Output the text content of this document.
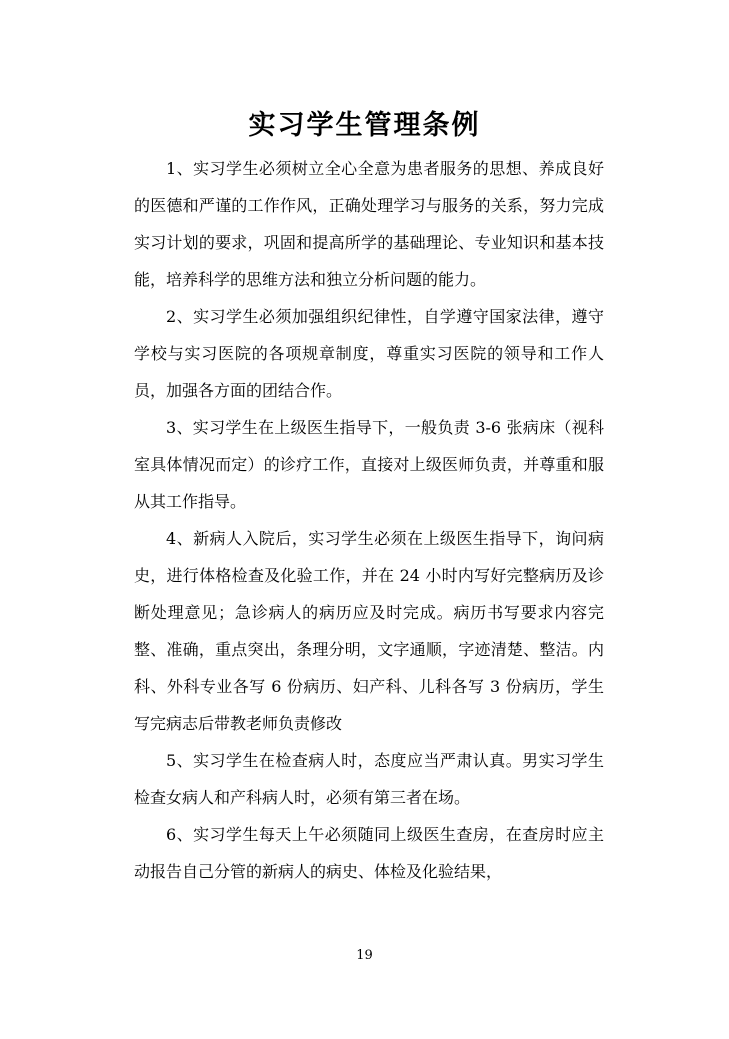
实习学生管理条例

1、实习学生必须树立全心全意为患者服务的思想、养成良好的医德和严谨的工作作风，正确处理学习与服务的关系，努力完成实习计划的要求，巩固和提高所学的基础理论、专业知识和基本技能，培养科学的思维方法和独立分析问题的能力。

2、实习学生必须加强组织纪律性，自学遵守国家法律，遵守学校与实习医院的各项规章制度，尊重实习医院的领导和工作人员，加强各方面的团结合作。

3、实习学生在上级医生指导下，一般负责 3-6 张病床（视科室具体情况而定）的诊疗工作，直接对上级医师负责，并尊重和服从其工作指导。

4、新病人入院后，实习学生必须在上级医生指导下，询问病史，进行体格检查及化验工作，并在 24 小时内写好完整病历及诊断处理意见；急诊病人的病历应及时完成。病历书写要求内容完整、准确，重点突出，条理分明，文字通顺，字迹清楚、整洁。内科、外科专业各写 6 份病历、妇产科、儿科各写 3 份病历，学生写完病志后带教老师负责修改

5、实习学生在检查病人时，态度应当严肃认真。男实习学生检查女病人和产科病人时，必须有第三者在场。

6、实习学生每天上午必须随同上级医生查房，在查房时应主动报告自己分管的新病人的病史、体检及化验结果，

19
